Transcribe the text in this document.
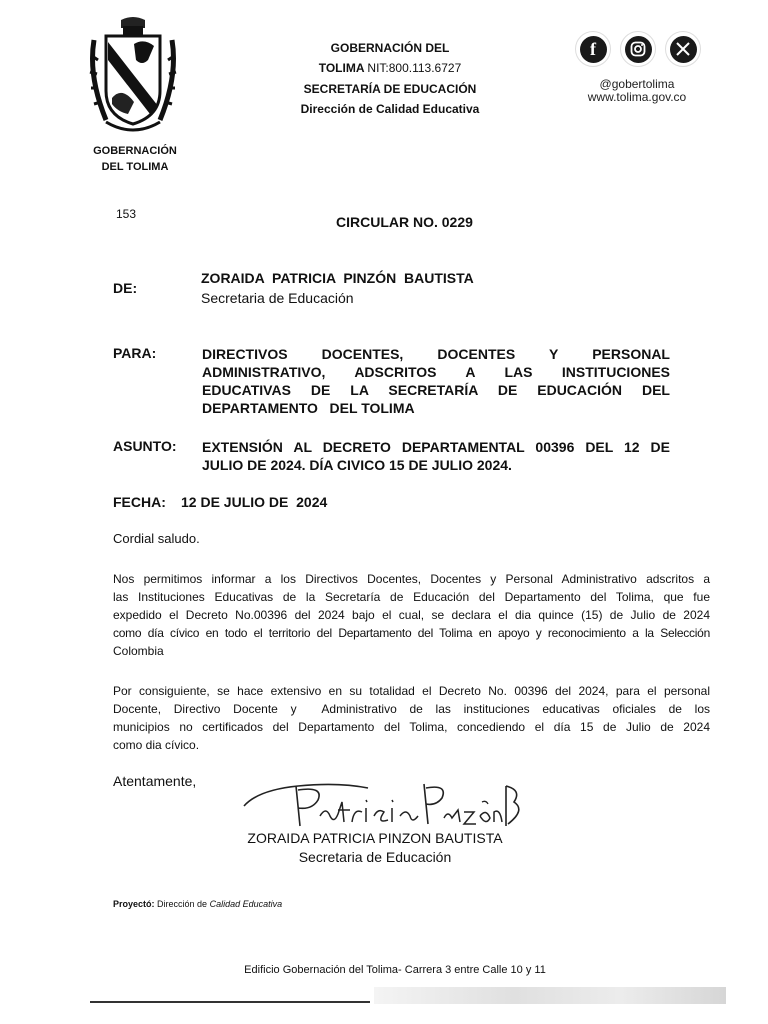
GOBERNACIÓN
DEL TOLIMA
GOBERNACIÓN DEL
TOLIMA NIT:800.113.6727
SECRETARÍA DE EDUCACIÓN
Dirección de Calidad Educativa
f
@gobertolima
www.tolima.gov.co
153	CIRCULAR NO. 0229
DE:
ZORAIDA  PATRICIA  PINZÓN  BAUTISTA
Secretaria de Educación
PARA:	DIRECTIVOS DOCENTES, DOCENTES Y PERSONAL
ADMINISTRATIVO, ADSCRITOS A LAS INSTITUCIONES
EDUCATIVAS DE LA SECRETARÍA DE EDUCACIÓN DEL
DEPARTAMENTO   DEL TOLIMA
ASUNTO: EXTENSIÓN AL DECRETO DEPARTAMENTAL 00396 DEL 12 DE
JULIO DE 2024. DÍA CIVICO 15 DE JULIO 2024.
FECHA: 12 DE JULIO DE  2024
Cordial saludo.
Nos permitimos informar a los Directivos Docentes, Docentes y Personal Administrativo adscritos a
las Instituciones Educativas de la Secretaría de Educación del Departamento del Tolima, que fue
expedido el Decreto No.00396 del 2024 bajo el cual, se declara el dia quince (15) de Julio de 2024
como día cívico en todo el territorio del Departamento del Tolima en apoyo y reconocimiento a la Selección
Colombia
Por consiguiente, se hace extensivo en su totalidad el Decreto No. 00396 del 2024, para el personal
Docente, Directivo Docente y  Administrativo de las instituciones educativas oficiales de los
municipios no certificados del Departamento del Tolima, concediendo el día 15 de Julio de 2024
como dia cívico.
Atentamente,
ZORAIDA PATRICIA PINZON BAUTISTA
Secretaria de Educación
Proyectó: Dirección de Calidad Educativa
Edificio Gobernación del Tolima- Carrera 3 entre Calle 10 y 11
